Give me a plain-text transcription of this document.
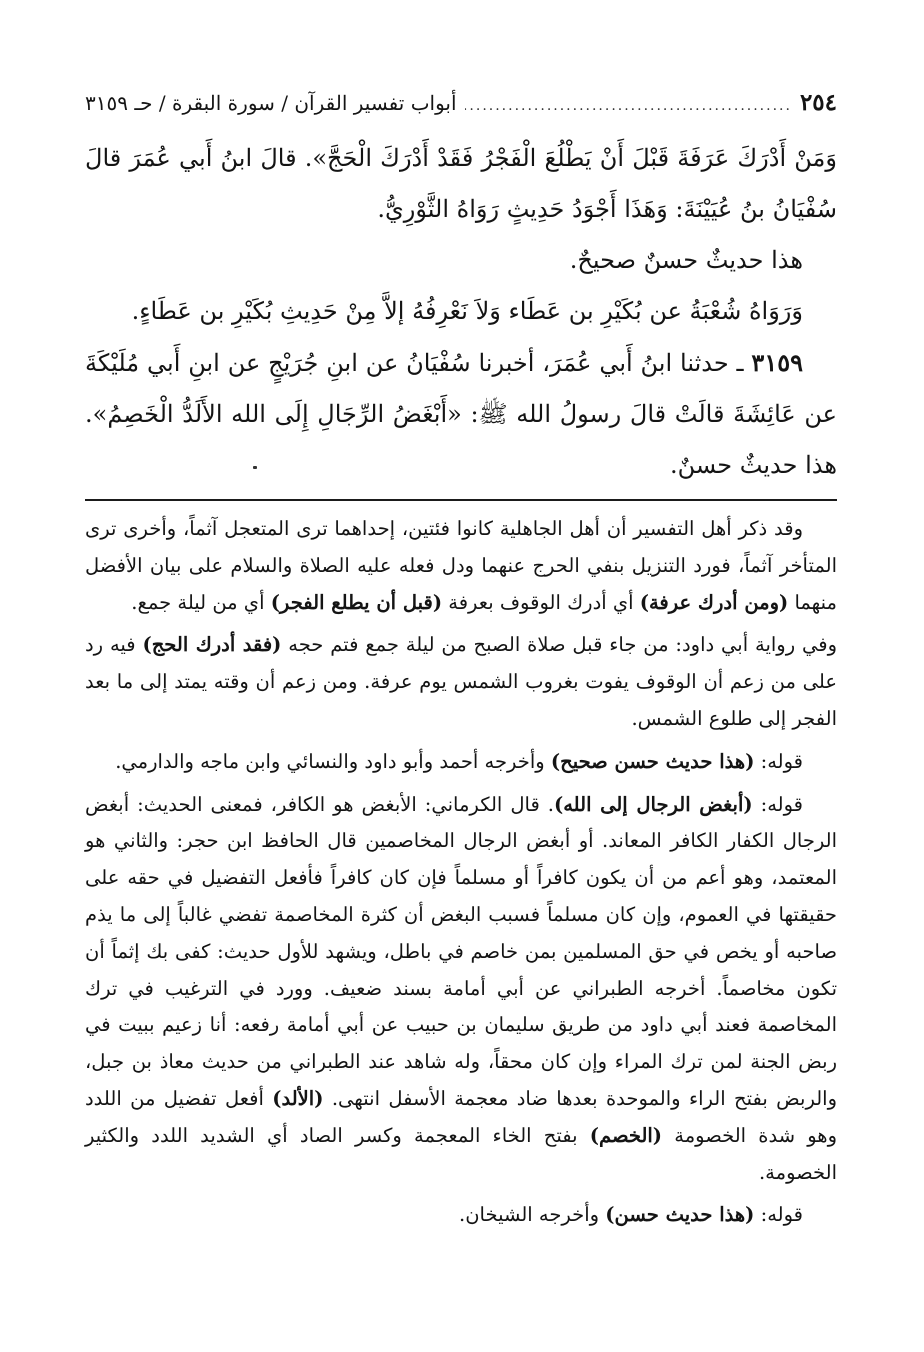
٢٥٤
.....
أبواب تفسير القرآن / سورة البقرة / حـ ٣١٥٩

وَمَنْ أَدْرَكَ عَرَفَةَ قَبْلَ أَنْ يَطْلُعَ الْفَجْرُ فَقَدْ أَدْرَكَ الْحَجَّ». قالَ ابنُ أَبي عُمَرَ قالَ سُفْيَانُ بنُ عُيَيْنَةَ: وَهَذَا أَجْوَدُ حَدِيثٍ رَوَاهُ الثَّوْرِيُّ.

هذا حديثٌ حسنٌ صحيحٌ.

وَرَوَاهُ شُعْبَةُ عن بُكَيْرِ بن عَطَاء وَلاَ نَعْرِفُهُ إلاَّ مِنْ حَدِيثِ بُكَيْرِ بن عَطَاءٍ.

٣١٥٩ ـ حدثنا ابنُ أَبي عُمَرَ، أخبرنا سُفْيَانُ عن ابنِ جُرَيْجٍ عن ابنِ أَبي مُلَيْكَةَ عن عَائِشَةَ قالَتْ قالَ رسولُ الله ﷺ: «أَبْغَضُ الرِّجَالِ إِلَى الله الأَلَدُّ الْخَصِمُ». هذا حديثٌ حسنٌ.

وقد ذكر أهل التفسير أن أهل الجاهلية كانوا فئتين، إحداهما ترى المتعجل آثماً، وأخرى ترى المتأخر آثماً، فورد التنزيل بنفي الحرج عنهما ودل فعله عليه الصلاة والسلام على بيان الأفضل منهما (ومن أدرك عرفة) أي أدرك الوقوف بعرفة (قبل أن يطلع الفجر) أي من ليلة جمع.

وفي رواية أبي داود: من جاء قبل صلاة الصبح من ليلة جمع فتم حجه (فقد أدرك الحج) فيه رد على من زعم أن الوقوف يفوت بغروب الشمس يوم عرفة. ومن زعم أن وقته يمتد إلى ما بعد الفجر إلى طلوع الشمس.

قوله: (هذا حديث حسن صحيح) وأخرجه أحمد وأبو داود والنسائي وابن ماجه والدارمي.

قوله: (أبغض الرجال إلى الله). قال الكرماني: الأبغض هو الكافر، فمعنى الحديث: أبغض الرجال الكفار الكافر المعاند. أو أبغض الرجال المخاصمين قال الحافظ ابن حجر: والثاني هو المعتمد، وهو أعم من أن يكون كافراً أو مسلماً فإن كان كافراً فأفعل التفضيل في حقه على حقيقتها في العموم، وإن كان مسلماً فسبب البغض أن كثرة المخاصمة تفضي غالباً إلى ما يذم صاحبه أو يخص في حق المسلمين بمن خاصم في باطل، ويشهد للأول حديث: كفى بك إثماً أن تكون مخاصماً. أخرجه الطبراني عن أبي أمامة بسند ضعيف. وورد في الترغيب في ترك المخاصمة فعند أبي داود من طريق سليمان بن حبيب عن أبي أمامة رفعه: أنا زعيم ببيت في ربض الجنة لمن ترك المراء وإن كان محقاً، وله شاهد عند الطبراني من حديث معاذ بن جبل، والربض بفتح الراء والموحدة بعدها ضاد معجمة الأسفل انتهى. (الألد) أفعل تفضيل من اللدد وهو شدة الخصومة (الخصم) بفتح الخاء المعجمة وكسر الصاد أي الشديد اللدد والكثير الخصومة.

قوله: (هذا حديث حسن) وأخرجه الشيخان.
